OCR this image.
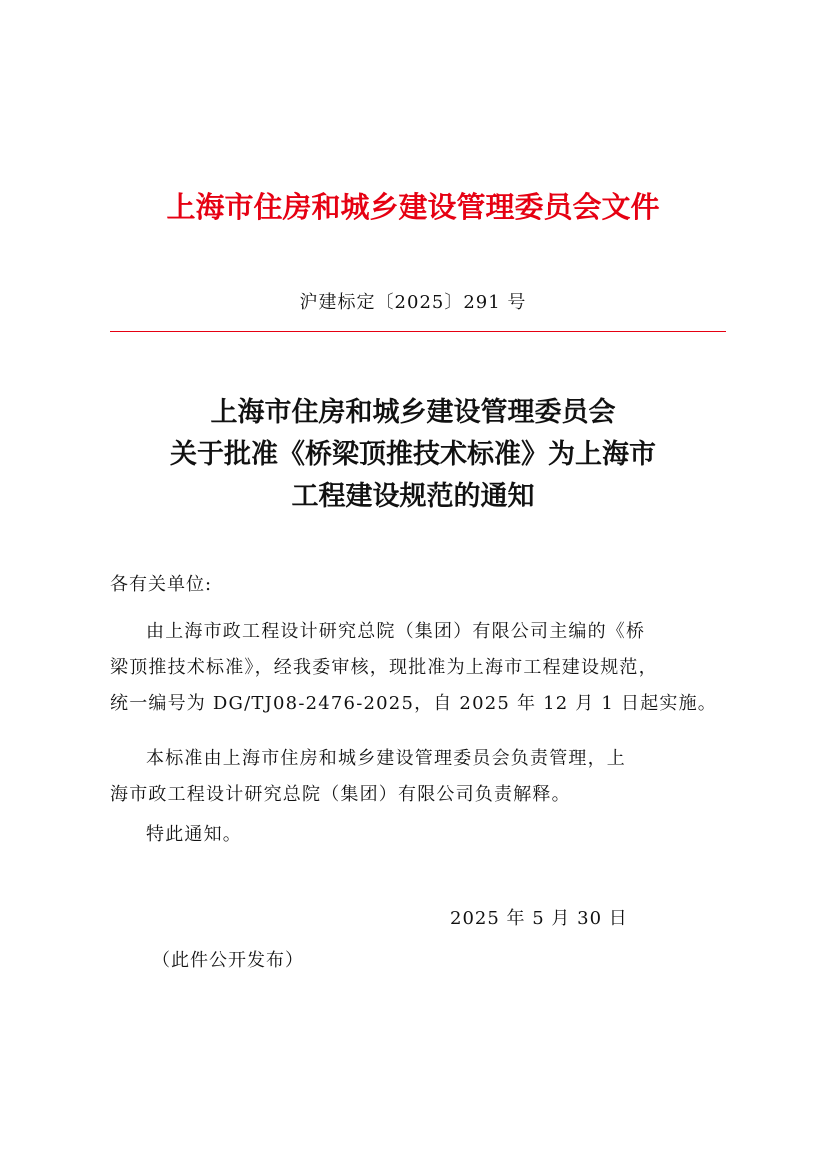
上海市住房和城乡建设管理委员会文件
沪建标定〔2025〕291 号
上海市住房和城乡建设管理委员会
关于批准《桥梁顶推技术标准》为上海市
工程建设规范的通知
各有关单位:
由上海市政工程设计研究总院（集团）有限公司主编的《桥
梁顶推技术标准》，经我委审核，现批准为上海市工程建设规范，
统一编号为 DG/TJ08-2476-2025，自 2025 年 12 月 1 日起实施。
本标准由上海市住房和城乡建设管理委员会负责管理，上
海市政工程设计研究总院（集团）有限公司负责解释。
特此通知。
2025 年 5 月 30 日
（此件公开发布）
